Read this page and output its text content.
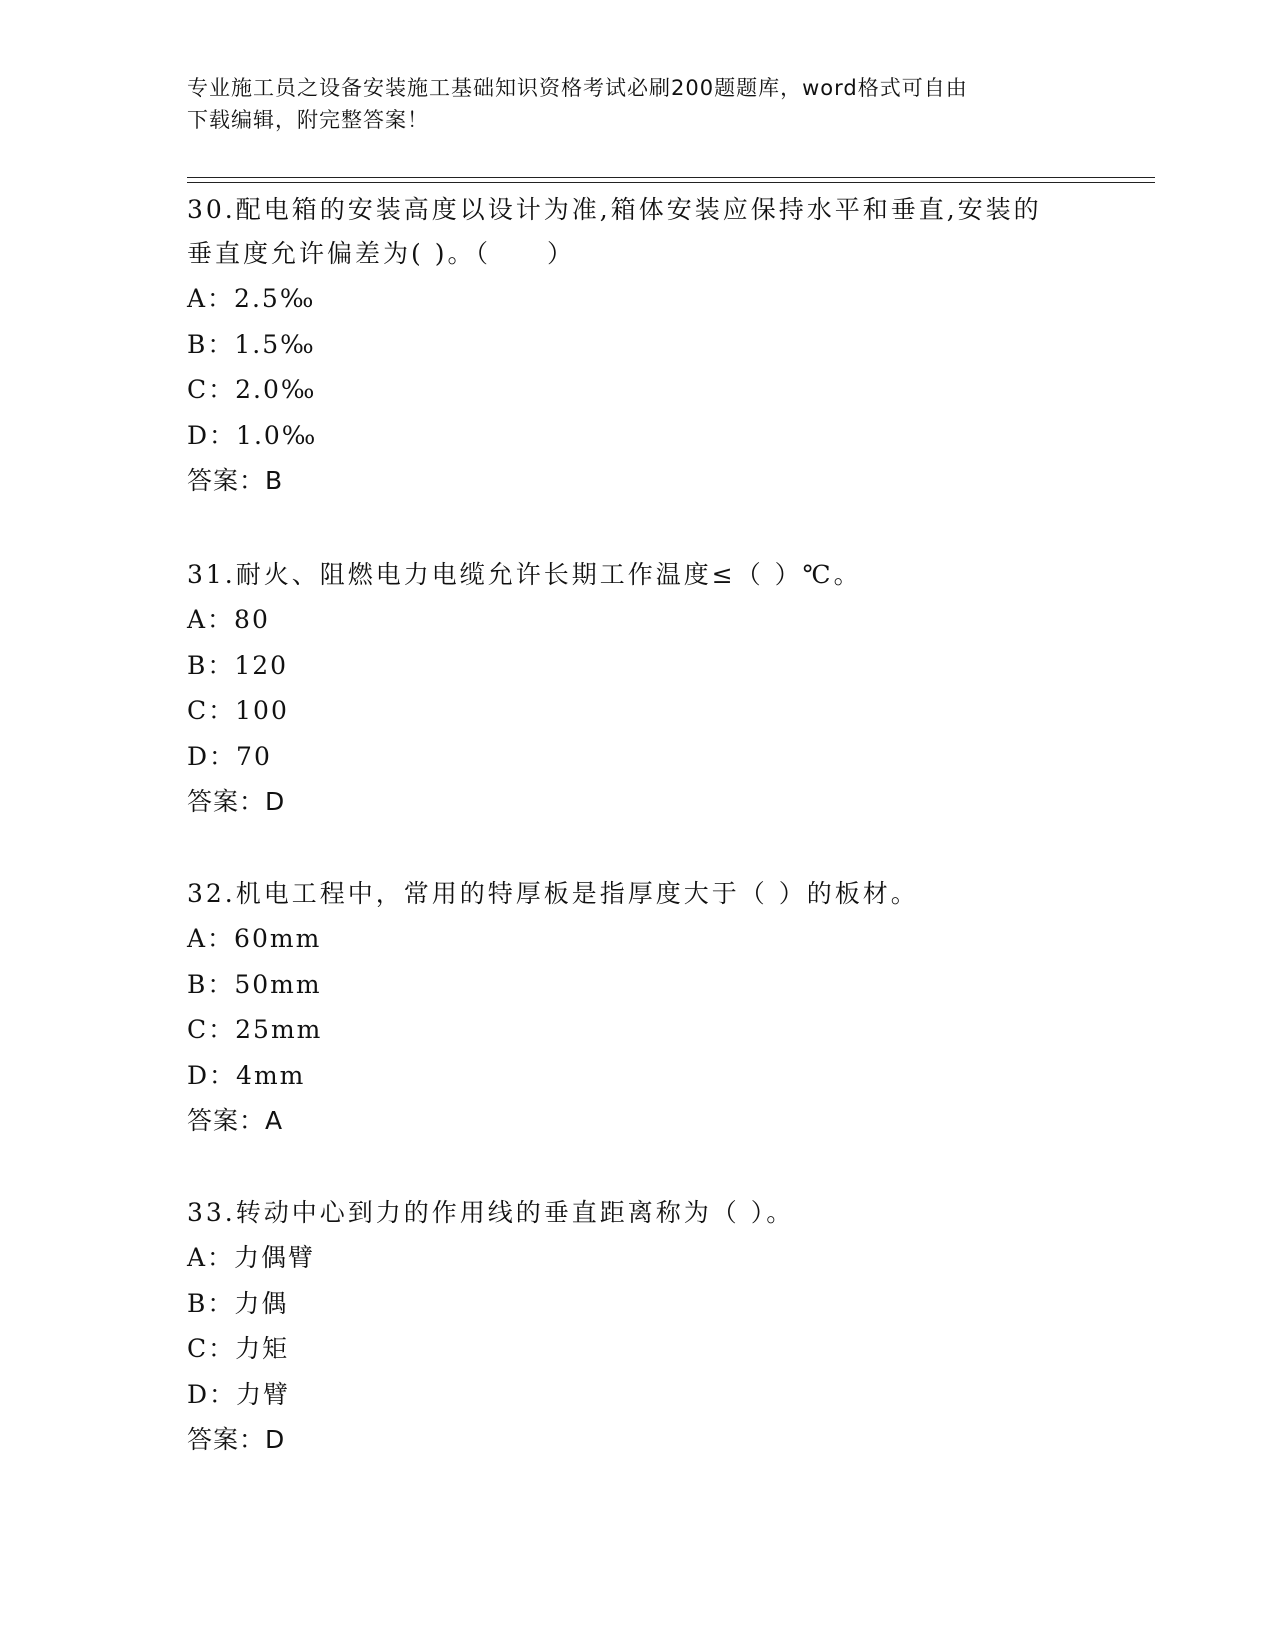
专业施工员之设备安装施工基础知识资格考试必刷200题题库，word格式可自由
下载编辑，附完整答案！

30.配电箱的安装高度以设计为准,箱体安装应保持水平和垂直,安装的

垂直度允许偏差为( )。（　　）

A：2.5‰

B：1.5‰

C：2.0‰

D：1.0‰

答案：B

31.耐火、阻燃电力电缆允许长期工作温度≤（ ）℃。

A：80

B：120

C：100

D：70

答案：D

32.机电工程中，常用的特厚板是指厚度大于（ ）的板材。

A：60mm

B：50mm

C：25mm

D：4mm

答案：A

33.转动中心到力的作用线的垂直距离称为（ ）。

A：力偶臂

B：力偶

C：力矩

D：力臂

答案：D
